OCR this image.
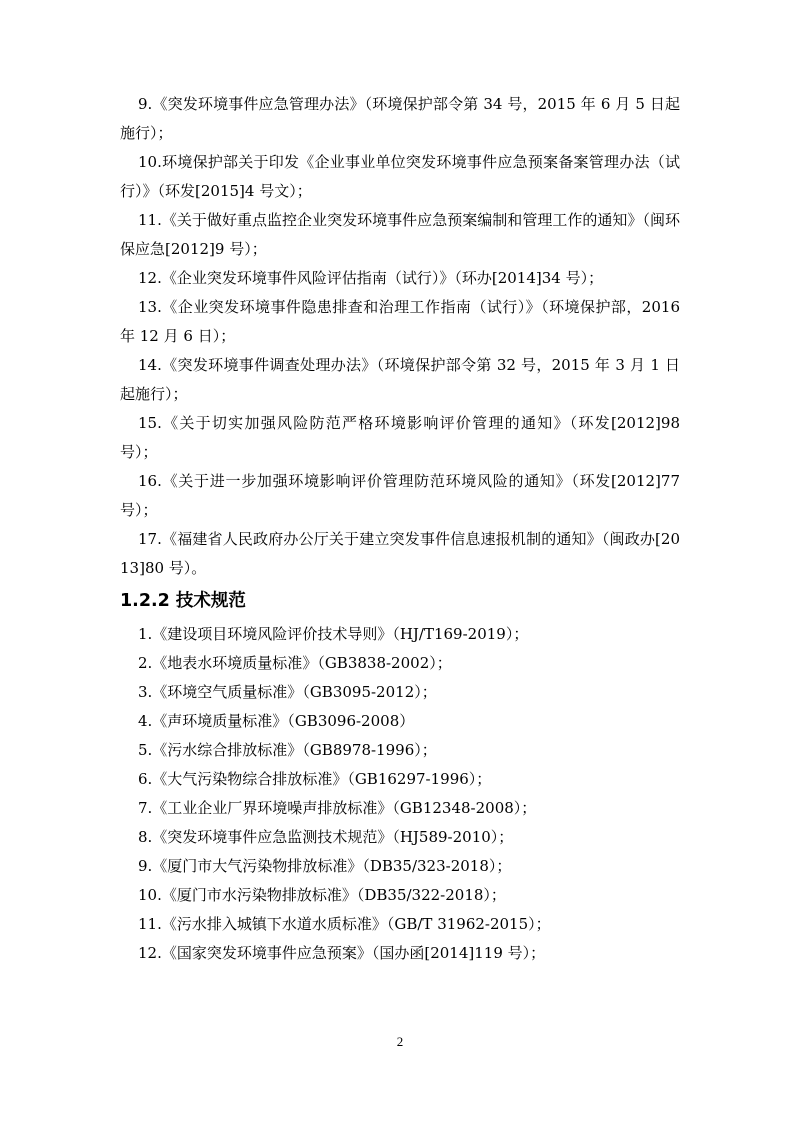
9.《突发环境事件应急管理办法》（环境保护部令第 34 号，2015 年 6 月 5 日起施行）；

10.环境保护部关于印发《企业事业单位突发环境事件应急预案备案管理办法（试行）》（环发[2015]4 号文）；

11.《关于做好重点监控企业突发环境事件应急预案编制和管理工作的通知》（闽环保应急[2012]9 号）；

12.《企业突发环境事件风险评估指南（试行）》（环办[2014]34 号）；

13.《企业突发环境事件隐患排查和治理工作指南（试行）》（环境保护部，2016 年 12 月 6 日）；

14.《突发环境事件调查处理办法》（环境保护部令第 32 号，2015 年 3 月 1 日起施行）；

15.《关于切实加强风险防范严格环境影响评价管理的通知》（环发[2012]98 号）；

16.《关于进一步加强环境影响评价管理防范环境风险的通知》（环发[2012]77 号）；

17.《福建省人民政府办公厅关于建立突发事件信息速报机制的通知》（闽政办[2013]80 号）。

1.2.2 技术规范

1.《建设项目环境风险评价技术导则》（HJ/T169-2019）；

2.《地表水环境质量标准》（GB3838-2002）；

3.《环境空气质量标准》（GB3095-2012）；

4.《声环境质量标准》（GB3096-2008）

5.《污水综合排放标准》（GB8978-1996）；

6.《大气污染物综合排放标准》（GB16297-1996）；

7.《工业企业厂界环境噪声排放标准》（GB12348-2008）；

8.《突发环境事件应急监测技术规范》（HJ589-2010）；

9.《厦门市大气污染物排放标准》（DB35/323-2018）；

10.《厦门市水污染物排放标准》（DB35/322-2018）；

11.《污水排入城镇下水道水质标准》（GB/T 31962-2015）；

12.《国家突发环境事件应急预案》（国办函[2014]119 号）；

2
